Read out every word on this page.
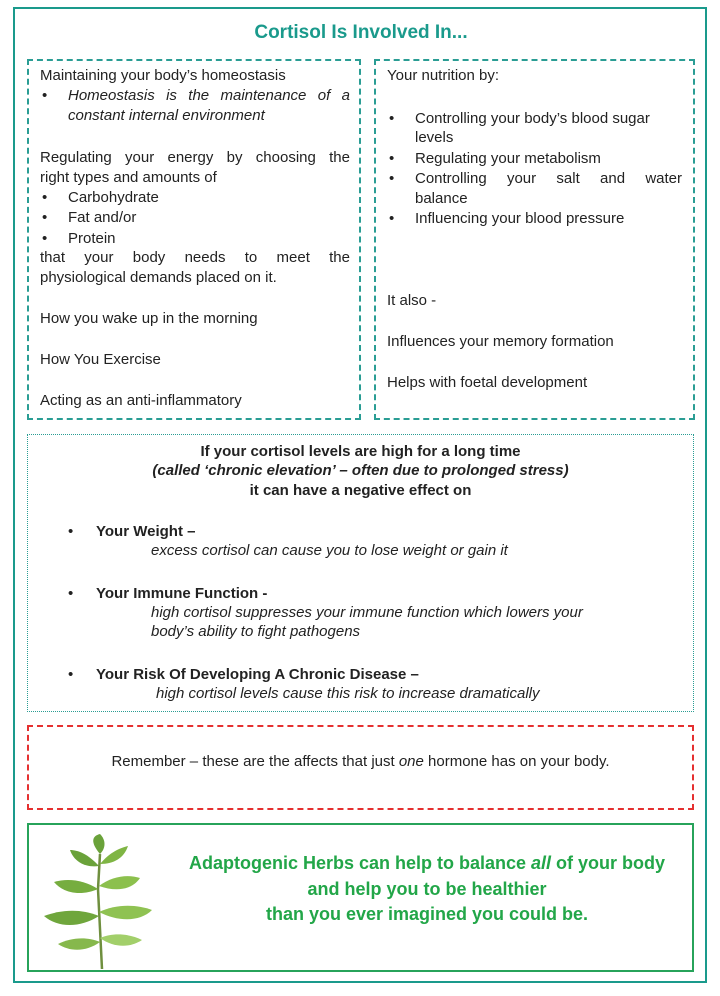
Cortisol Is Involved In...
Maintaining your body’s homeostasis
• Homeostasis is the maintenance of a
constant internal environment
Regulating your energy by choosing the
right types and amounts of
• Carbohydrate
• Fat and/or
• Protein
that your body needs to meet the
physiological demands placed on it.
How you wake up in the morning
How You Exercise
Acting as an anti-inflammatory
Your nutrition by:
• Controlling your body’s blood sugar
levels
• Regulating your metabolism
• Controlling your salt and water
balance
• Influencing your blood pressure
It also -
Influences your memory formation
Helps with foetal development
If your cortisol levels are high for a long time
(called ‘chronic elevation’ – often due to prolonged stress)
it can have a negative effect on
• Your Weight –
excess cortisol can cause you to lose weight or gain it
• Your Immune Function -
high cortisol suppresses your immune function which lowers your
body’s ability to fight pathogens
• Your Risk Of Developing A Chronic Disease –
high cortisol levels cause this risk to increase dramatically
Remember – these are the affects that just one hormone has on your body.
Adaptogenic Herbs can help to balance all of your body
and help you to be healthier
than you ever imagined you could be.
